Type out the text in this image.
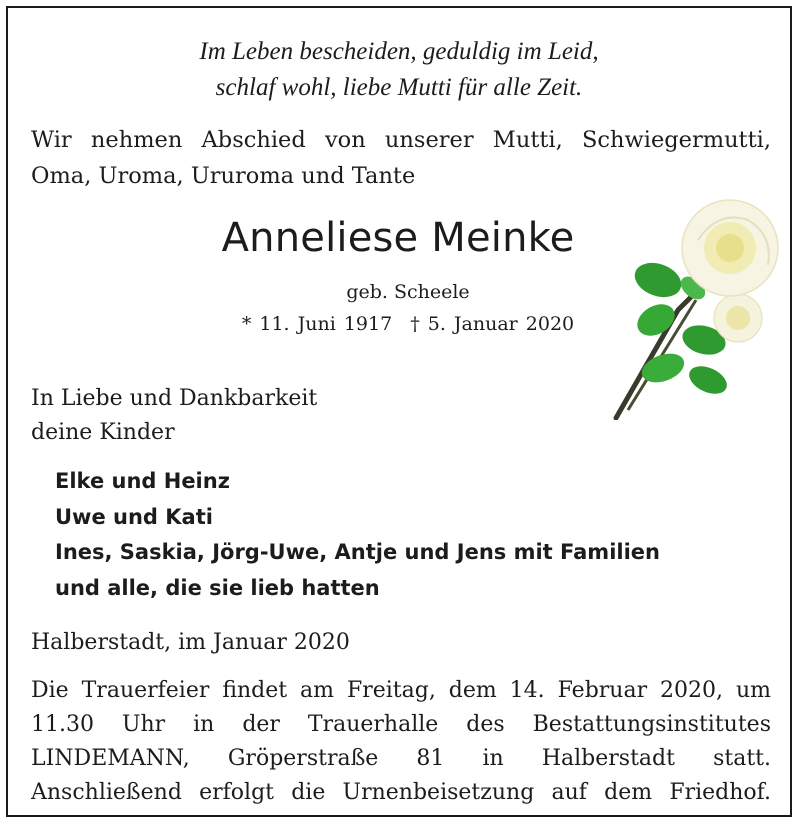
Im Leben bescheiden, geduldig im Leid,
schlaf wohl, liebe Mutti für alle Zeit.
Wir nehmen Abschied von unserer Mutti, Schwiegermutti,
Oma, Uroma, Ururoma und Tante
Anneliese Meinke
geb. Scheele
* 11. Juni 1917 † 5. Januar 2020
In Liebe und Dankbarkeit
deine Kinder
Elke und Heinz
Uwe und Kati
Ines, Saskia, Jörg-Uwe, Antje und Jens mit Familien
und alle, die sie lieb hatten
Halberstadt, im Januar 2020
Die Trauerfeier findet am Freitag, dem 14. Februar 2020, um
11.30 Uhr in der Trauerhalle des Bestattungsinstitutes
LINDEMANN, Gröperstraße 81 in Halberstadt statt.
Anschließend erfolgt die Urnenbeisetzung auf dem Friedhof.
